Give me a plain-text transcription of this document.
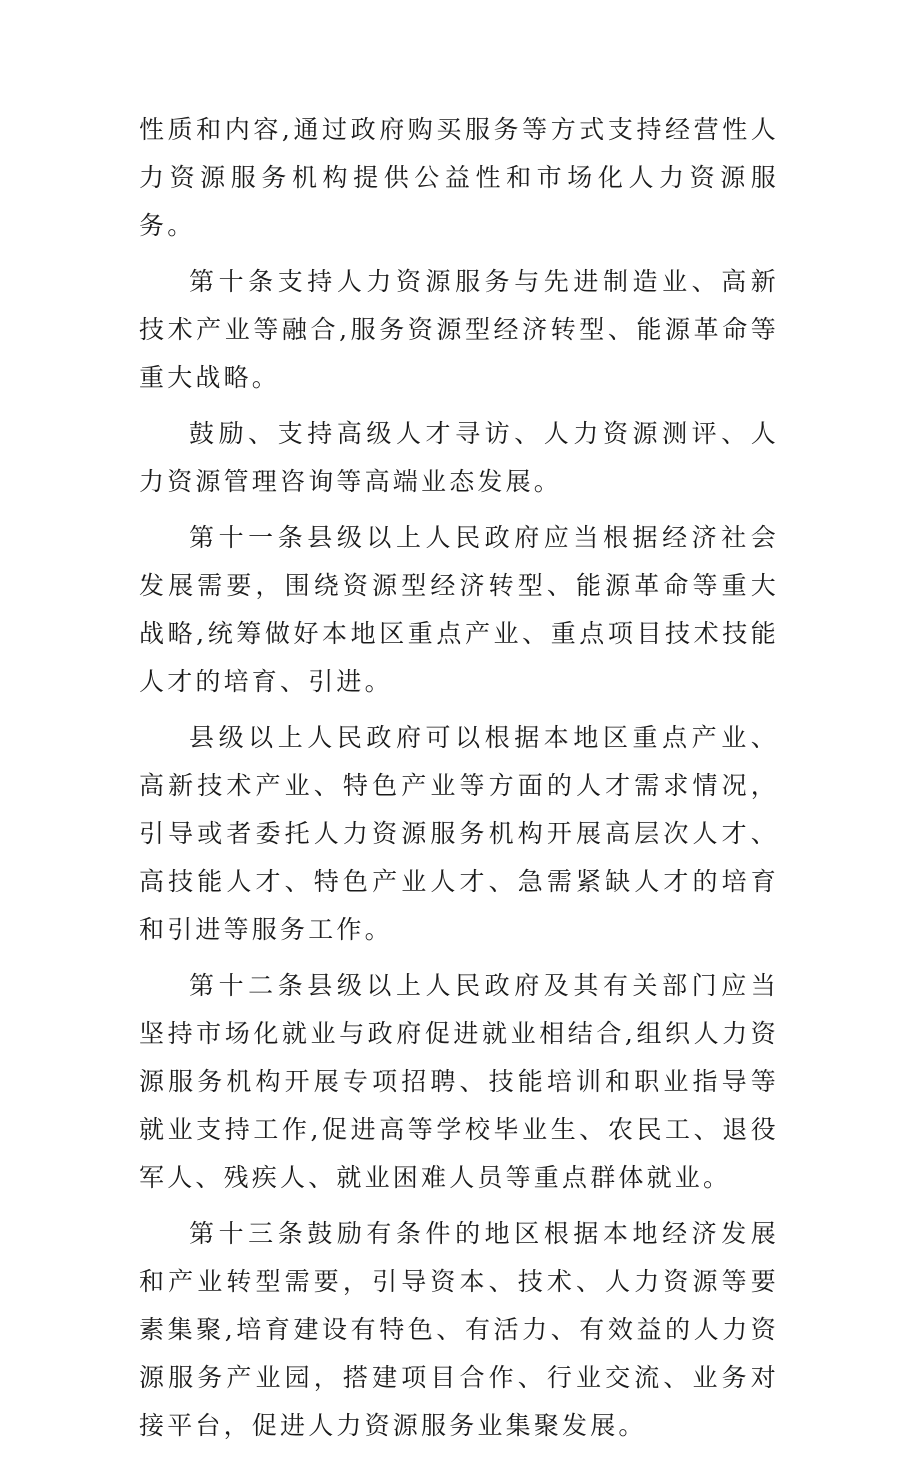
性质和内容,通过政府购买服务等方式支持经营性人力资源服务机构提供公益性和市场化人力资源服务。

第十条支持人力资源服务与先进制造业、高新技术产业等融合,服务资源型经济转型、能源革命等重大战略。

鼓励、支持高级人才寻访、人力资源测评、人力资源管理咨询等高端业态发展。

第十一条县级以上人民政府应当根据经济社会发展需要，围绕资源型经济转型、能源革命等重大战略,统筹做好本地区重点产业、重点项目技术技能人才的培育、引进。

县级以上人民政府可以根据本地区重点产业、高新技术产业、特色产业等方面的人才需求情况，引导或者委托人力资源服务机构开展高层次人才、高技能人才、特色产业人才、急需紧缺人才的培育和引进等服务工作。

第十二条县级以上人民政府及其有关部门应当坚持市场化就业与政府促进就业相结合,组织人力资源服务机构开展专项招聘、技能培训和职业指导等就业支持工作,促进高等学校毕业生、农民工、退役军人、残疾人、就业困难人员等重点群体就业。

第十三条鼓励有条件的地区根据本地经济发展和产业转型需要，引导资本、技术、人力资源等要素集聚,培育建设有特色、有活力、有效益的人力资源服务产业园，搭建项目合作、行业交流、业务对接平台，促进人力资源服务业集聚发展。
